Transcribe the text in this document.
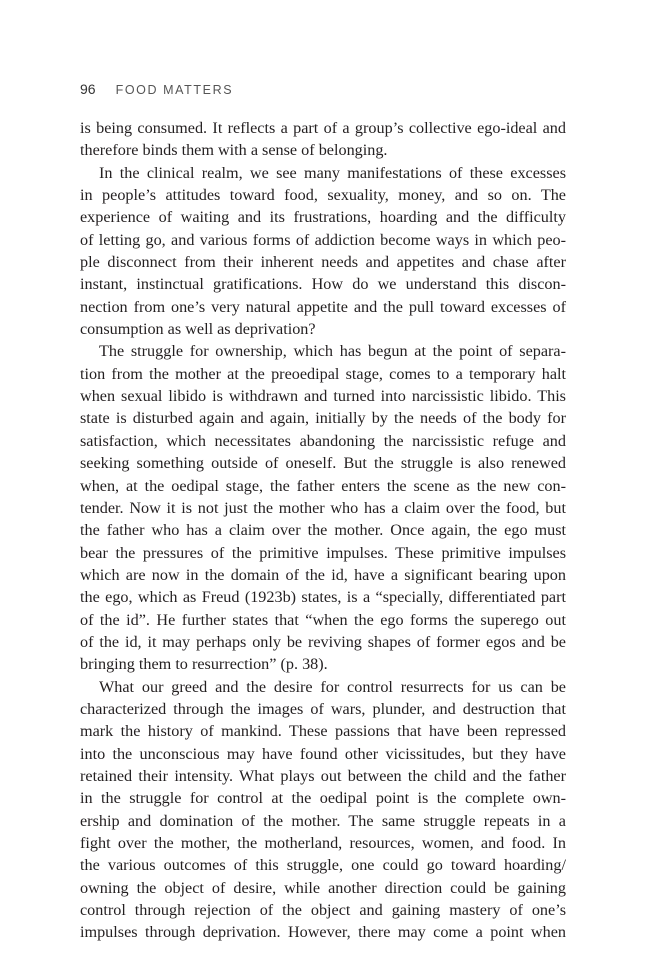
96 FOOD MATTERS

is being consumed. It reflects a part of a group’s collective ego-ideal and
therefore binds them with a sense of belonging.

In the clinical realm, we see many manifestations of these excesses
in people’s attitudes toward food, sexuality, money, and so on. The
experience of waiting and its frustrations, hoarding and the difficulty
of letting go, and various forms of addiction become ways in which peo-
ple disconnect from their inherent needs and appetites and chase after
instant, instinctual gratifications. How do we understand this discon-
nection from one’s very natural appetite and the pull toward excesses of
consumption as well as deprivation?

The struggle for ownership, which has begun at the point of separa-
tion from the mother at the preoedipal stage, comes to a temporary halt
when sexual libido is withdrawn and turned into narcissistic libido. This
state is disturbed again and again, initially by the needs of the body for
satisfaction, which necessitates abandoning the narcissistic refuge and
seeking something outside of oneself. But the struggle is also renewed
when, at the oedipal stage, the father enters the scene as the new con-
tender. Now it is not just the mother who has a claim over the food, but
the father who has a claim over the mother. Once again, the ego must
bear the pressures of the primitive impulses. These primitive impulses
which are now in the domain of the id, have a significant bearing upon
the ego, which as Freud (1923b) states, is a “specially, differentiated part
of the id”. He further states that “when the ego forms the superego out
of the id, it may perhaps only be reviving shapes of former egos and be
bringing them to resurrection” (p. 38).

What our greed and the desire for control resurrects for us can be
characterized through the images of wars, plunder, and destruction that
mark the history of mankind. These passions that have been repressed
into the unconscious may have found other vicissitudes, but they have
retained their intensity. What plays out between the child and the father
in the struggle for control at the oedipal point is the complete own-
ership and domination of the mother. The same struggle repeats in a
fight over the mother, the motherland, resources, women, and food. In
the various outcomes of this struggle, one could go toward hoarding/
owning the object of desire, while another direction could be gaining
control through rejection of the object and gaining mastery of one’s
impulses through deprivation. However, there may come a point when
